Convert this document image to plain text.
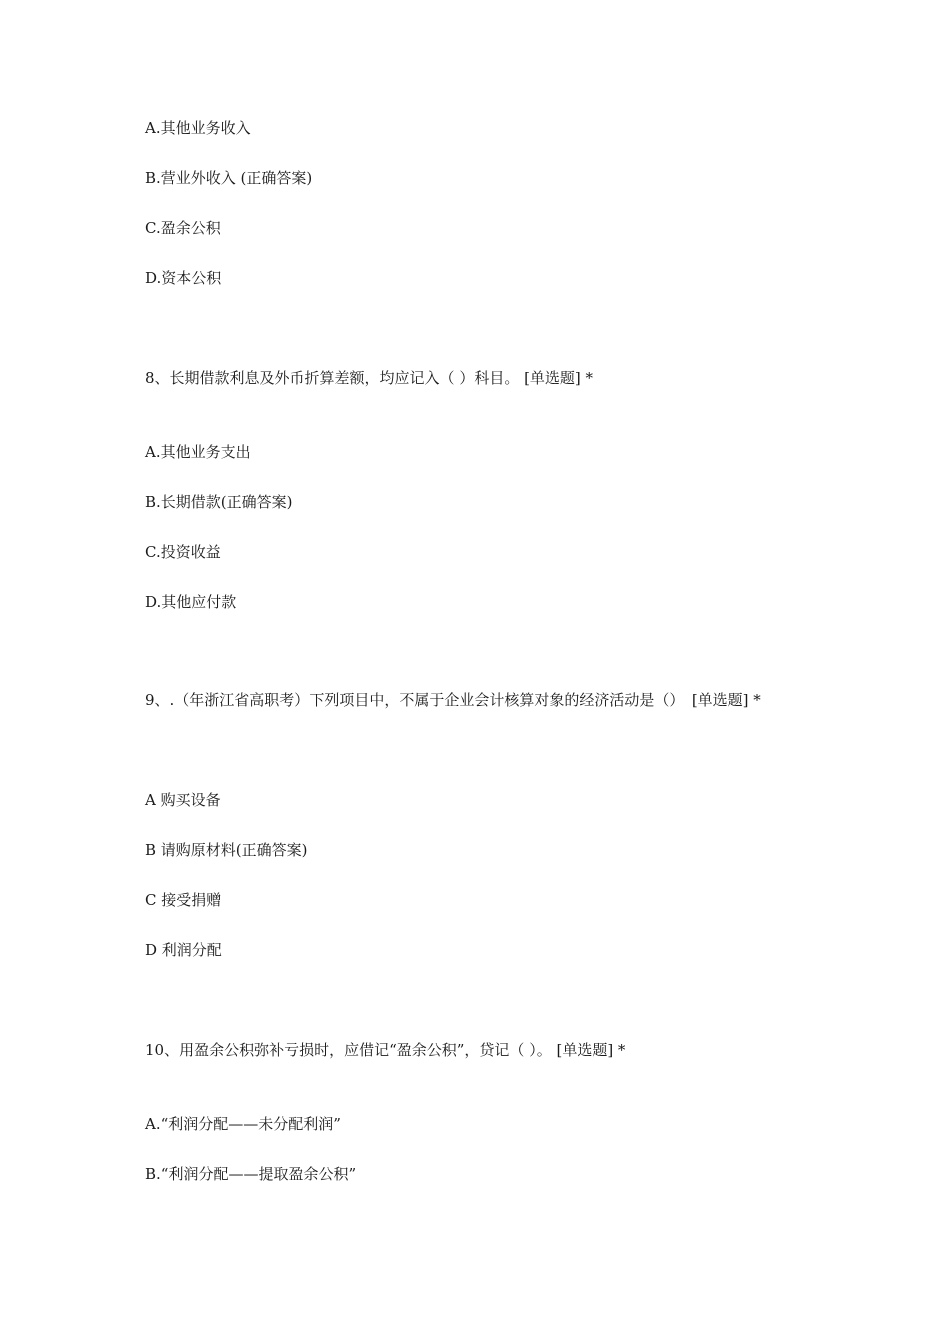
A.其他业务收入
B.营业外收入 (正确答案)
C.盈余公积
D.资本公积
8、长期借款利息及外币折算差额，均应记入（ ）科目。 [单选题] *
A.其他业务支出
B.长期借款(正确答案)
C.投资收益
D.其他应付款
9、.（年浙江省高职考）下列项目中，不属于企业会计核算对象的经济活动是（）　[单选题] *
A 购买设备
B 请购原材料(正确答案)
C 接受捐赠
D 利润分配
10、用盈余公积弥补亏损时，应借记“盈余公积”，贷记（ ）。 [单选题] *
A.“利润分配——未分配利润”
B.“利润分配——提取盈余公积”
